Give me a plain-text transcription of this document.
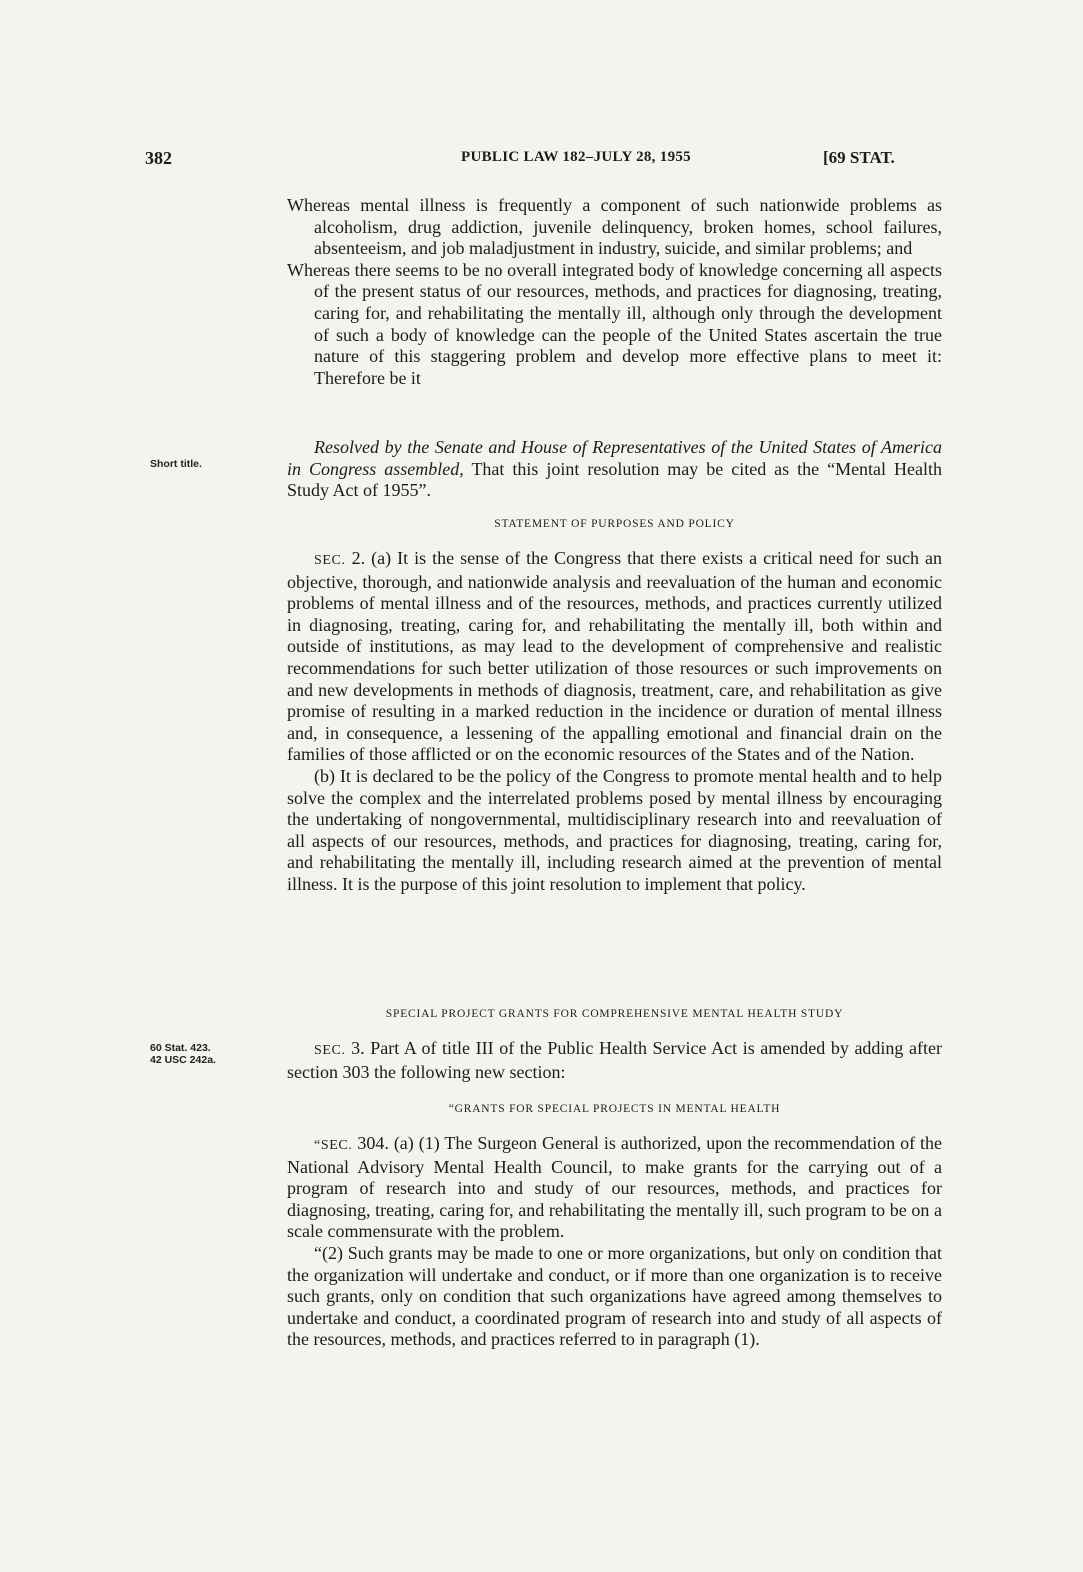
382	PUBLIC LAW 182–JULY 28, 1955	[69 STAT.

Whereas mental illness is frequently a component of such nationwide problems as alcoholism, drug addiction, juvenile delinquency, broken homes, school failures, absenteeism, and job maladjustment in industry, suicide, and similar problems; and

Whereas there seems to be no overall integrated body of knowledge concerning all aspects of the present status of our resources, methods, and practices for diagnosing, treating, caring for, and rehabilitating the mentally ill, although only through the development of such a body of knowledge can the people of the United States ascertain the true nature of this staggering problem and develop more effective plans to meet it: Therefore be it

Short title.

Resolved by the Senate and House of Representatives of the United States of America in Congress assembled, That this joint resolution may be cited as the “Mental Health Study Act of 1955”.

STATEMENT OF PURPOSES AND POLICY

SEC. 2. (a) It is the sense of the Congress that there exists a critical need for such an objective, thorough, and nationwide analysis and reevaluation of the human and economic problems of mental illness and of the resources, methods, and practices currently utilized in diagnosing, treating, caring for, and rehabilitating the mentally ill, both within and outside of institutions, as may lead to the development of comprehensive and realistic recommendations for such better utilization of those resources or such improvements on and new developments in methods of diagnosis, treatment, care, and rehabilitation as give promise of resulting in a marked reduction in the incidence or duration of mental illness and, in consequence, a lessening of the appalling emotional and financial drain on the families of those afflicted or on the economic resources of the States and of the Nation.

(b) It is declared to be the policy of the Congress to promote mental health and to help solve the complex and the interrelated problems posed by mental illness by encouraging the undertaking of nongovernmental, multidisciplinary research into and reevaluation of all aspects of our resources, methods, and practices for diagnosing, treating, caring for, and rehabilitating the mentally ill, including research aimed at the prevention of mental illness. It is the purpose of this joint resolution to implement that policy.

SPECIAL PROJECT GRANTS FOR COMPREHENSIVE MENTAL HEALTH STUDY
60 Stat. 423.
42 USC 242a.

SEC. 3. Part A of title III of the Public Health Service Act is amended by adding after section 303 the following new section:

“GRANTS FOR SPECIAL PROJECTS IN MENTAL HEALTH

“SEC. 304. (a) (1) The Surgeon General is authorized, upon the recommendation of the National Advisory Mental Health Council, to make grants for the carrying out of a program of research into and study of our resources, methods, and practices for diagnosing, treating, caring for, and rehabilitating the mentally ill, such program to be on a scale commensurate with the problem.

“(2) Such grants may be made to one or more organizations, but only on condition that the organization will undertake and conduct, or if more than one organization is to receive such grants, only on condition that such organizations have agreed among themselves to undertake and conduct, a coordinated program of research into and study of all aspects of the resources, methods, and practices referred to in paragraph (1).
